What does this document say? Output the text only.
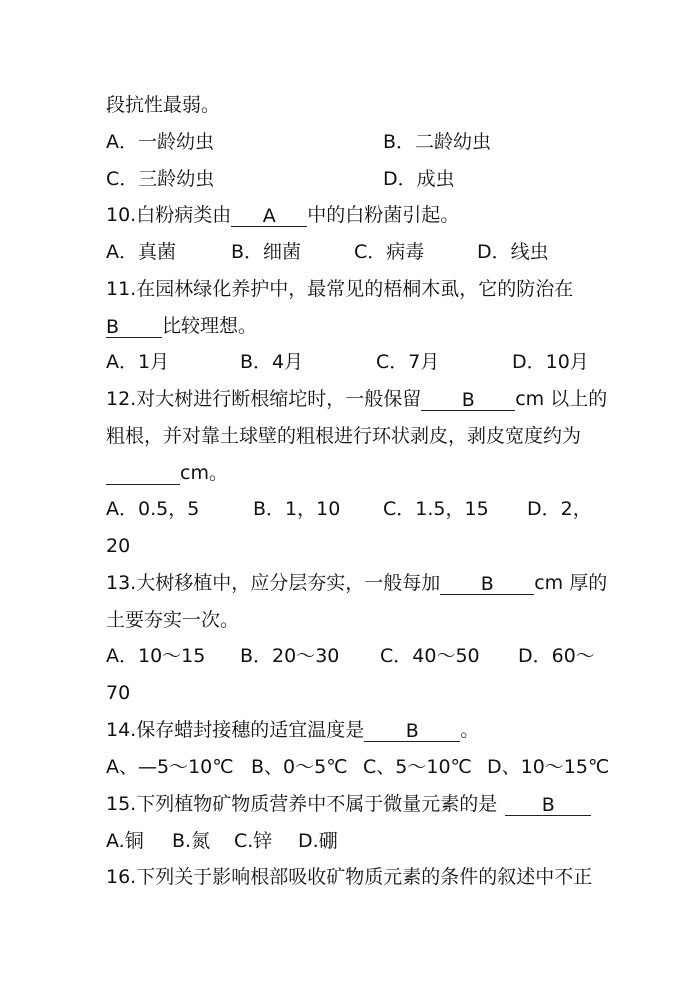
段抗性最弱。
A．一龄幼虫	B．二龄幼虫
C．三龄幼虫	D．成虫
10.白粉病类由 A 中的白粉菌引起。
A．真菌	B．细菌	C．病毒	D．线虫
11.在园林绿化养护中，最常见的梧桐木虱，它的防治在
B 比较理想。
A．1月	B．4月	C．7月	D．10月
12.对大树进行断根缩坨时，一般保留 B cm 以上的
粗根，并对靠土球壁的粗根进行环状剥皮，剥皮宽度约为
cm。
A．0.5，5	B．1，10 C．1.5，15 D．2，
20
13.大树移植中，应分层夯实，一般每加 B cm 厚的
土要夯实一次。
A．10～15 B．20～30 C．40～50 D．60～
70
14.保存蜡封接穗的适宜温度是 B 。
A、—5～10℃ B、0～5℃ C、5～10℃ D、10～15℃
15.下列植物矿物质营养中不属于微量元素的是 B
A.铜 B.氮 C.锌 D.硼
16.下列关于影响根部吸收矿物质元素的条件的叙述中不正
